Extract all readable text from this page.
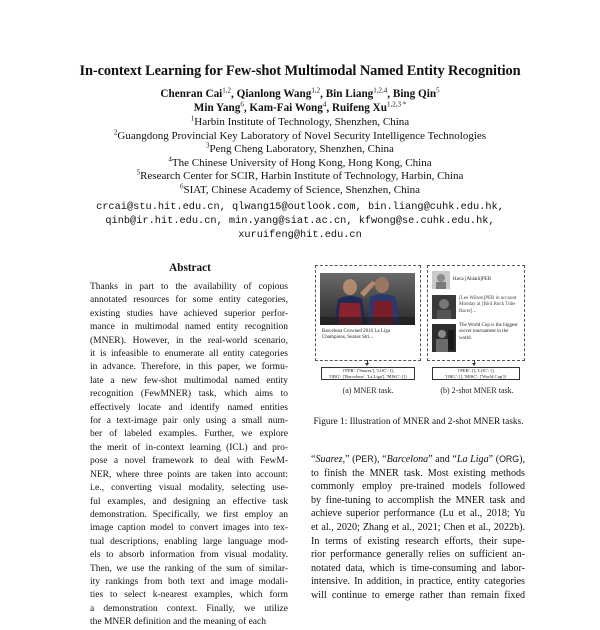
In-context Learning for Few-shot Multimodal Named Entity Recognition
Chenran Cai$^{1,2}$, Qianlong Wang$^{1,2}$, Bin Liang$^{1,2,4}$, Bing Qin$^5$
Min Yang$^6$, Kam-Fai Wong$^4$, Ruifeng $Xu^{1,2,3 *}$
$^1$Harbin Institute of Technology, Shenzhen, China
$^2$Guangdong Provincial Key Laboratory of Novel Security Intelligence Technologies
$^3$Peng Cheng Laboratory, Shenzhen, China
$^4$The Chinese University of Hong Kong, Hong Kong, China
$^5$Research Center for SCIR, Harbin Institute of Technology, Harbin, China
$^6$SIAT, Chinese Academy of Science, Shenzhen, China
crcai@stu.hit.edu.cn, qlwang15@outlook.com, bin.liang@cuhk.edu.hk,
qinb@ir.hit.edu.cn, min.yang@siat.ac.cn, kfwong@se.cuhk.edu.hk,
xuruifeng@hit.edu.cn
Abstract
Thanks in part to the availability of copious
annotated resources for some entity categories,
existing studies have achieved superior perfor-
mance in multimodal named entity recognition
(MNER). However, in the real-world scenario,
it is infeasible to enumerate all entity categories
in advance. Therefore, in this paper, we formu-
late a new few-shot multimodal named entity
recognition (FewMNER) task, which aims to
effectively locate and identify named entities
for a text-image pair only using a small num-
ber of labeled examples. Further, we explore
the merit of in-context learning (ICL) and pro-
pose a novel framework to deal with FewM-
NER, where three points are taken into account:
i.e., converting visual modality, selecting use-
ful examples, and designing an effective task
demonstration. Specifically, we first employ an
image caption model to convert images into tex-
tual descriptions, enabling large language mod-
els to absorb information from visual modality.
Then, we use the ranking of the sum of similar-
ity rankings from both text and image modali-
ties to select k-nearest examples, which form
a demonstration context. Finally, we utilize
the MNER definition and the meaning of each
Barcelona Crowned 2016 La Liga Champions, Suarez Stri...
{'PER': ['Suarez'], 'LOC': [],
'ORG': ['Barcelona', 'La Liga'], 'MISC': []}
(a) MNER task.
Hava [Ahlatli]PER
[Lee Wilson]PER in account Monday at [Bird Rock Tube Racer]...
The World Cup is the biggest soccer tournament in the world.
{'PER': [], 'LOC': [],
'ORG': [], 'MISC': ['World Cup']}
(b) 2-shot MNER task.
Figure 1: Illustration of MNER and 2-shot MNER tasks.
“Suarez,” (PER), “Barcelona” and “La Liga” (ORG),
to finish the MNER task. Most existing methods
commonly employ pre-trained models followed
by fine-tuning to accomplish the MNER task and
achieve superior performance (Lu et al., 2018; Yu
et al., 2020; Zhang et al., 2021; Chen et al., 2022b).
In terms of existing research efforts, their supe-
rior performance generally relies on sufficient an-
notated data, which is time-consuming and labor-
intensive. In addition, in practice, entity categories
will continue to emerge rather than remain fixed
